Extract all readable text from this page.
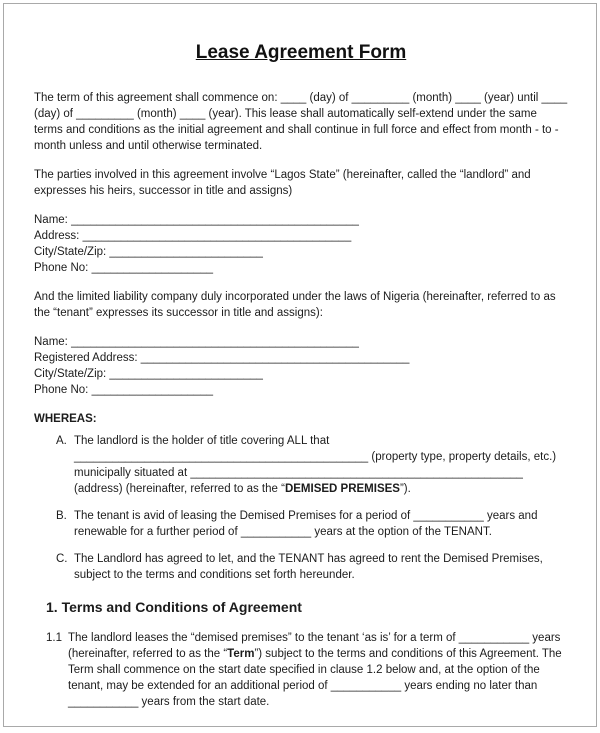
Lease Agreement Form

The term of this agreement shall commence on: ____ (day) of _________ (month) ____ (year) until ____ (day) of _________ (month) ____ (year). This lease shall automatically self-extend under the same terms and conditions as the initial agreement and shall continue in full force and effect from month - to - month unless and until otherwise terminated.

The parties involved in this agreement involve “Lagos State” (hereinafter, called the “landlord” and expresses his heirs, successor in title and assigns)

Name: _____________________________________________
Address: __________________________________________
City/State/Zip: ________________________
Phone No: ___________________

And the limited liability company duly incorporated under the laws of Nigeria (hereinafter, referred to as the “tenant” expresses its successor in title and assigns):

Name: _____________________________________________
Registered Address: __________________________________________
City/State/Zip: ________________________
Phone No: ___________________
WHEREAS:
A. The landlord is the holder of title covering ALL that ______________________________________________ (property type, property details, etc.) municipally situated at ____________________________________________________ (address) (hereinafter, referred to as the “DEMISED PREMISES”).
B. The tenant is avid of leasing the Demised Premises for a period of ___________ years and renewable for a further period of ___________ years at the option of the TENANT.
C. The Landlord has agreed to let, and the TENANT has agreed to rent the Demised Premises, subject to the terms and conditions set forth hereunder.
1. Terms and Conditions of Agreement
1.1 The landlord leases the “demised premises” to the tenant ‘as is’ for a term of ___________ years (hereinafter, referred to as the “Term”) subject to the terms and conditions of this Agreement. The Term shall commence on the start date specified in clause 1.2 below and, at the option of the tenant, may be extended for an additional period of ___________ years ending no later than ___________ years from the start date.
